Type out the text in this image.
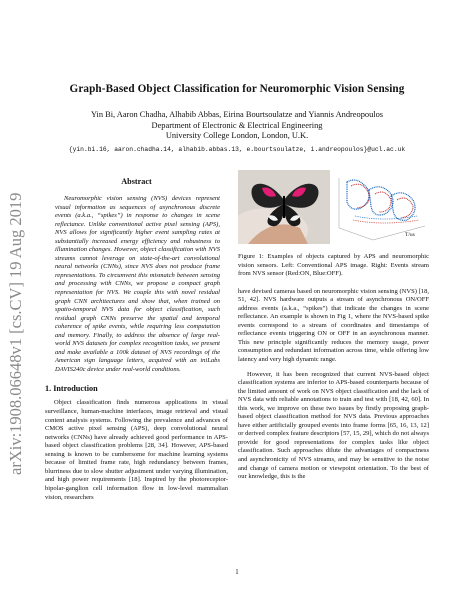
arXiv:1908.06648v1 [cs.CV] 19 Aug 2019
Graph-Based Object Classification for Neuromorphic Vision Sensing
Yin Bi, Aaron Chadha, Alhabib Abbas, Eirina Bourtsoulatze and Yiannis Andreopoulos
Department of Electronic & Electrical Engineering
University College London, London, U.K.
{yin.bi.16, aaron.chadha.14, alhabib.abbas.13, e.bourtsoulatze, i.andreopoulos}@ucl.ac.uk
Abstract

Neuromorphic vision sensing (NVS) devices represent visual information as sequences of asynchronous discrete events (a.k.a., “spikes”) in response to changes in scene reflectance. Unlike conventional active pixel sensing (APS), NVS allows for significantly higher event sampling rates at substantially increased energy efficiency and robustness to illumination changes. However, object classification with NVS streams cannot leverage on state-of-the-art convolutional neural networks (CNNs), since NVS does not produce frame representations. To circumvent this mismatch between sensing and processing with CNNs, we propose a compact graph representation for NVS. We couple this with novel residual graph CNN architectures and show that, when trained on spatio-temporal NVS data for object classification, such residual graph CNNs preserve the spatial and temporal coherence of spike events, while requiring less computation and memory. Finally, to address the absence of large real-world NVS datasets for complex recognition tasks, we present and make available a 100k dataset of NVS recordings of the American sign language letters, acquired with an iniLabs DAVIS240c device under real-world conditions.

1. Introduction

Object classification finds numerous applications in visual surveillance, human-machine interfaces, image retrieval and visual content analysis systems. Following the prevalence and advances of CMOS active pixel sensing (APS), deep convolutional neural networks (CNNs) have already achieved good performance in APS-based object classification problems [28, 34]. However, APS-based sensing is known to be cumbersome for machine learning systems because of limited frame rate, high redundancy between frames, blurriness due to slow shutter adjustment under varying illumination, and high power requirements [18]. Inspired by the photoreceptor-bipolar-ganglion cell information flow in low-level mammalian vision, researchers

T/us
Figure 1: Examples of objects captured by APS and neuromorphic vision sensors. Left: Conventional APS image. Right: Events stream from NVS sensor (Red:ON, Blue:OFF).

have devised cameras based on neuromorphic vision sensing (NVS) [18, 51, 42]. NVS hardware outputs a stream of asynchronous ON/OFF address events (a.k.a., “spikes”) that indicate the changes in scene reflectance. An example is shown in Fig 1, where the NVS-based spike events correspond to a stream of coordinates and timestamps of reflectance events triggering ON or OFF in an asynchronous manner. This new principle significantly reduces the memory usage, power consumption and redundant information across time, while offering low latency and very high dynamic range.

However, it has been recognized that current NVS-based object classification systems are inferior to APS-based counterparts because of the limited amount of work on NVS object classification and the lack of NVS data with reliable annotations to train and test with [18, 42, 60]. In this work, we improve on these two issues by firstly proposing graph-based object classification method for NVS data. Previous approaches have either artificially grouped events into frame forms [65, 16, 13, 12] or derived complex feature descriptors [57, 15, 29], which do not always provide for good representations for complex tasks like object classification. Such approaches dilute the advantages of compactness and asynchronicity of NVS streams, and may be sensitive to the noise and change of camera motion or viewpoint orientation. To the best of our knowledge, this is the

1
